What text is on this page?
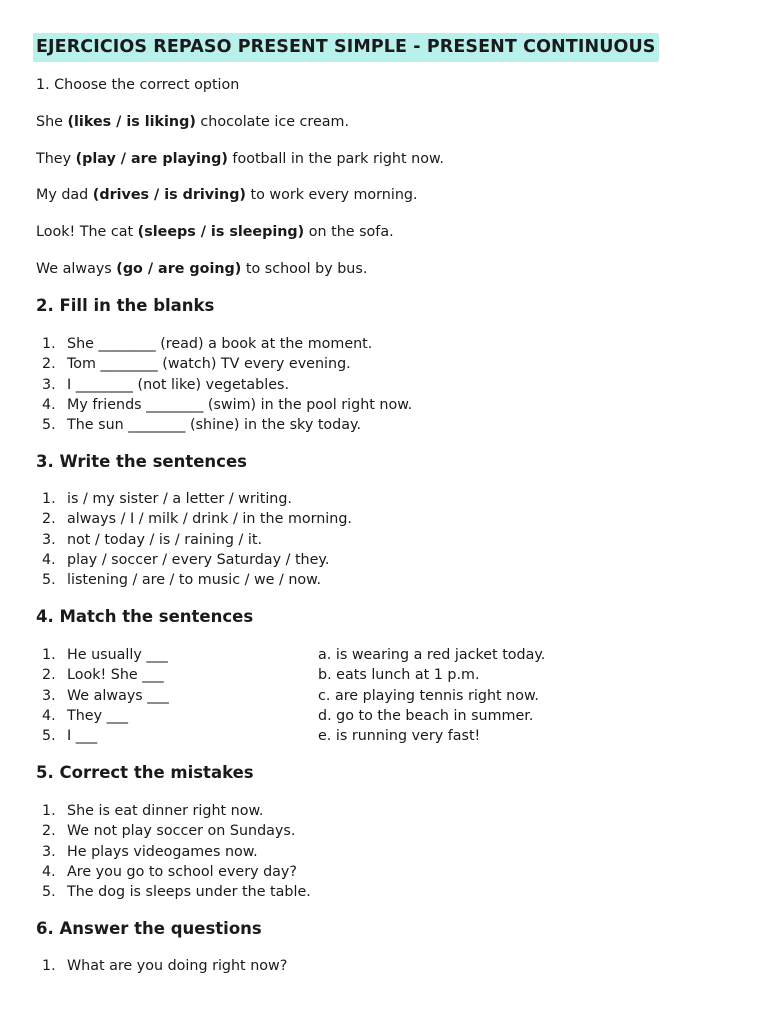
EJERCICIOS REPASO PRESENT SIMPLE - PRESENT CONTINUOUS
1. Choose the correct option
She (likes / is liking) chocolate ice cream.
They (play / are playing) football in the park right now.
My dad (drives / is driving) to work every morning.
Look! The cat (sleeps / is sleeping) on the sofa.
We always (go / are going) to school by bus.
2. Fill in the blanks
1. She ________ (read) a book at the moment.
2. Tom ________ (watch) TV every evening.
3. I ________ (not like) vegetables.
4. My friends ________ (swim) in the pool right now.
5. The sun ________ (shine) in the sky today.
3. Write the sentences
1. is / my sister / a letter / writing.
2. always / I / milk / drink / in the morning.
3. not / today / is / raining / it.
4. play / soccer / every Saturday / they.
5. listening / are / to music / we / now.
4. Match the sentences
1. He usually ___
2. Look! She ___
3. We always ___
4. They ___
5. I ___
a. is wearing a red jacket today.
b. eats lunch at 1 p.m.
c. are playing tennis right now.
d. go to the beach in summer.
e. is running very fast!
5. Correct the mistakes
1. She is eat dinner right now.
2. We not play soccer on Sundays.
3. He plays videogames now.
4. Are you go to school every day?
5. The dog is sleeps under the table.
6. Answer the questions
1. What are you doing right now?
